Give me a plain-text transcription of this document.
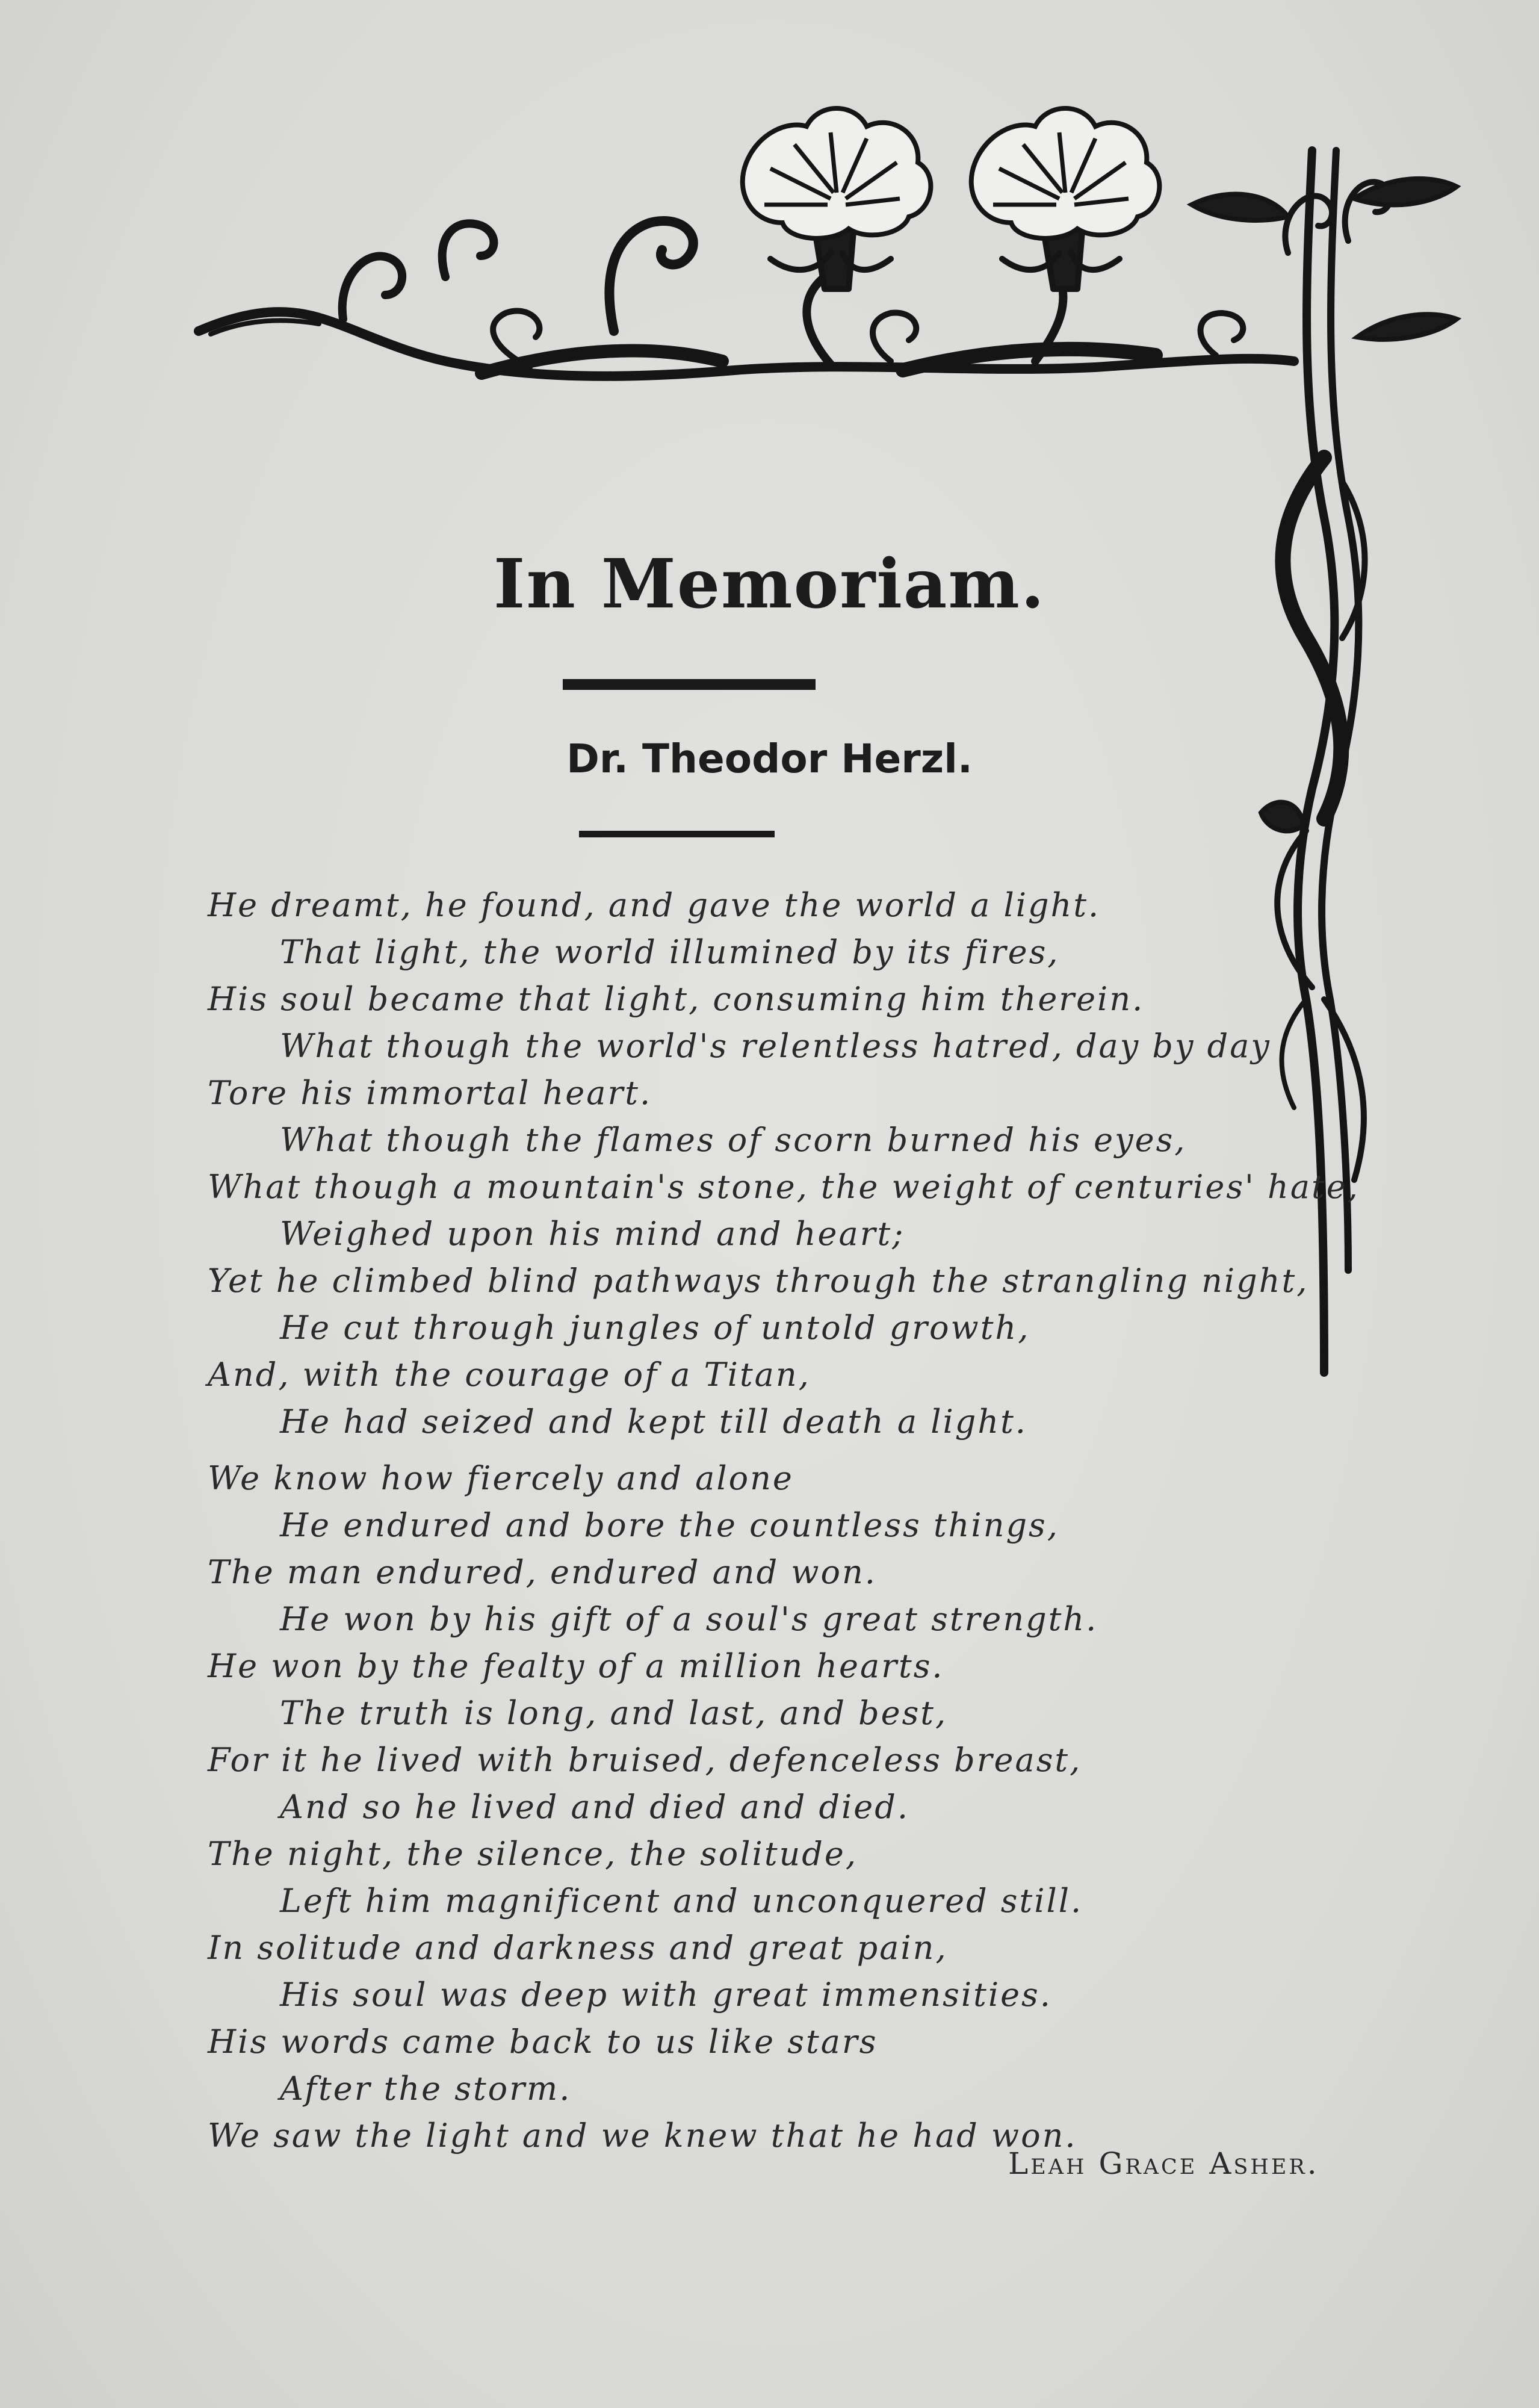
In Memoriam.
Dr. Theodor Herzl.
He dreamt, he found, and gave the world a light.
That light, the world illumined by its fires,
His soul became that light, consuming him therein.
What though the world's relentless hatred, day by day
Tore his immortal heart.
What though the flames of scorn burned his eyes,
What though a mountain's stone, the weight of centuries' hate,
Weighed upon his mind and heart;
Yet he climbed blind pathways through the strangling night,
He cut through jungles of untold growth,
And, with the courage of a Titan,
He had seized and kept till death a light.
We know how fiercely and alone
He endured and bore the countless things,
The man endured, endured and won.
He won by his gift of a soul's great strength.
He won by the fealty of a million hearts.
The truth is long, and last, and best,
For it he lived with bruised, defenceless breast,
And so he lived and died and died.
The night, the silence, the solitude,
Left him magnificent and unconquered still.
In solitude and darkness and great pain,
His soul was deep with great immensities.
His words came back to us like stars
After the storm.
We saw the light and we knew that he had won.
Leah Grace Asher.
